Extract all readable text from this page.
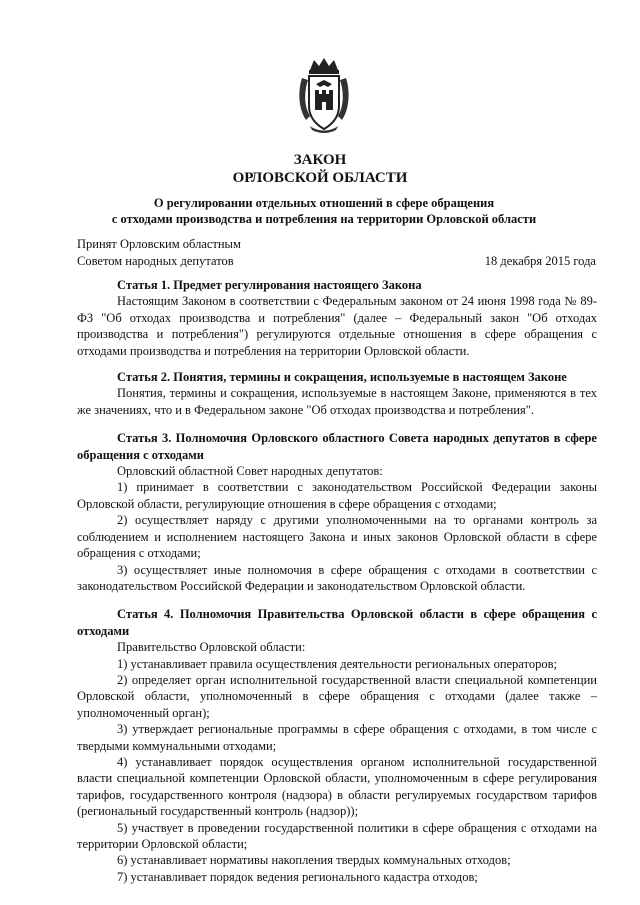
ЗАКОН
ОРЛОВСКОЙ ОБЛАСТИ
О регулировании отдельных отношений в сфере обращения
с отходами производства и потребления на территории Орловской области
Принят Орловским областным
Советом народных депутатов	18 декабря 2015 года
Статья 1. Предмет регулирования настоящего Закона

Настоящим Законом в соответствии с Федеральным законом от 24 июня 1998 года № 89-ФЗ "Об отходах производства и потребления" (далее – Федеральный закон "Об отходах производства и потребления") регулируются отдельные отношения в сфере обращения с отходами производства и потребления на территории Орловской области.

Статья 2. Понятия, термины и сокращения, используемые в настоящем Законе

Понятия, термины и сокращения, используемые в настоящем Законе, применяются в тех же значениях, что и в Федеральном законе "Об отходах производства и потребления".

Статья 3. Полномочия Орловского областного Совета народных депутатов в сфере обращения с отходами

Орловский областной Совет народных депутатов:

1) принимает в соответствии с законодательством Российской Федерации законы Орловской области, регулирующие отношения в сфере обращения с отходами;

2) осуществляет наряду с другими уполномоченными на то органами контроль за соблюдением и исполнением настоящего Закона и иных законов Орловской области в сфере обращения с отходами;

3) осуществляет иные полномочия в сфере обращения с отходами в соответствии с законодательством Российской Федерации и законодательством Орловской области.

Статья 4. Полномочия Правительства Орловской области в сфере обращения с отходами

Правительство Орловской области:

1) устанавливает правила осуществления деятельности региональных операторов;

2) определяет орган исполнительной государственной власти специальной компетенции Орловской области, уполномоченный в сфере обращения с отходами (далее также – уполномоченный орган);

3) утверждает региональные программы в сфере обращения с отходами, в том числе с твердыми коммунальными отходами;

4) устанавливает порядок осуществления органом исполнительной государственной власти специальной компетенции Орловской области, уполномоченным в сфере регулирования тарифов, государственного контроля (надзора) в области регулируемых государством тарифов (региональный государственный контроль (надзор));

5) участвует в проведении государственной политики в сфере обращения с отходами на территории Орловской области;

6) устанавливает нормативы накопления твердых коммунальных отходов;

7) устанавливает порядок ведения регионального кадастра отходов;
